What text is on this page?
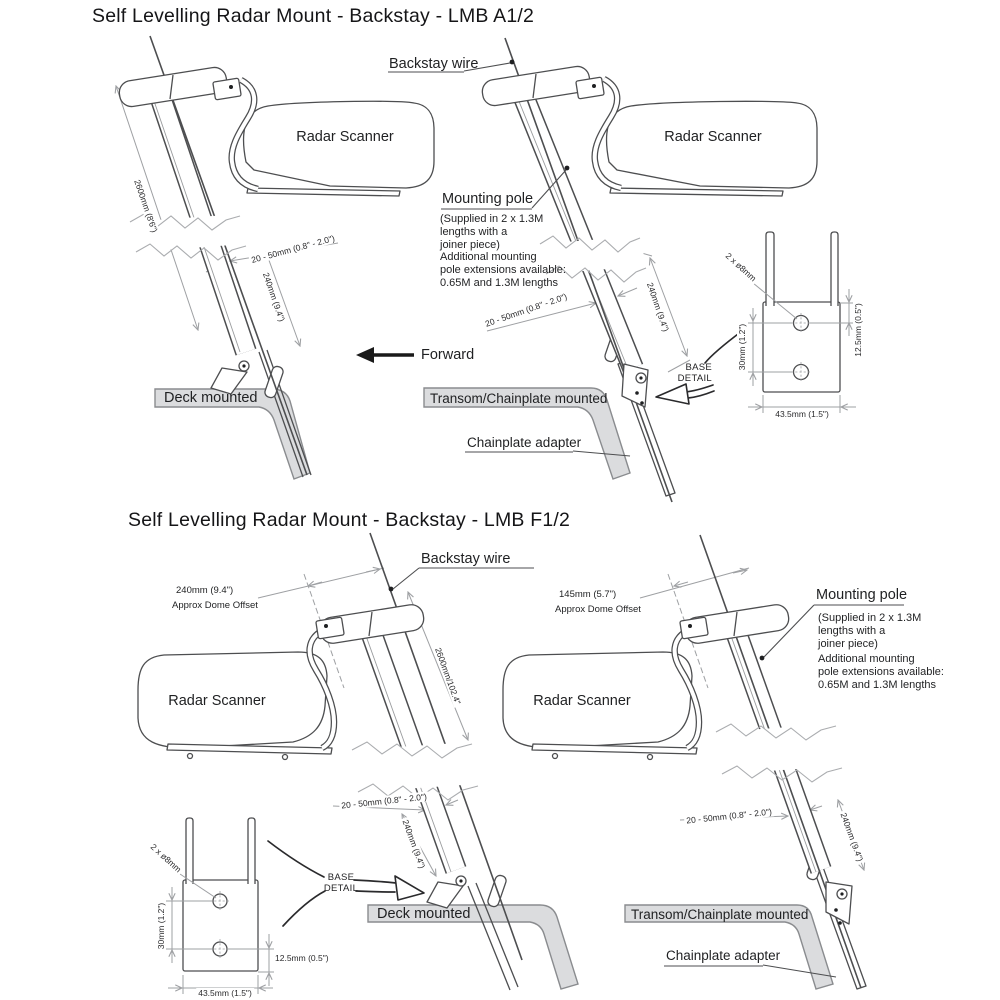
Self Levelling Radar Mount - Backstay - LMB A1/2
Backstay wire
Radar Scanner	Radar Scanner
Mounting pole
(Supplied in 2 x 1.3M
lengths with a
joiner piece)
Additional mounting
pole extensions available:
0.65M and 1.3M lengths
Forward
Deck mounted	Transom/Chainplate mounted
Chainplate adapter
BASE
DETAIL
2600mm (8'6")
20 - 50mm (0.8" - 2.0")
240mm (9.4")	20 - 50mm (0.8" - 2.0")	240mm (9.4")
2 x ø8mm
30mm (1.2")	12.5mm (0.5")
43.5mm (1.5")
Self Levelling Radar Mount - Backstay - LMB F1/2
Backstay wire
240mm (9.4")
Approx Dome Offset
145mm (5.7")
Approx Dome Offset
Radar Scanner	Radar Scanner
Mounting pole
(Supplied in 2 x 1.3M
lengths with a
joiner piece)
Additional mounting
pole extensions available:
0.65M and 1.3M lengths
2600mm/102.4"
20 - 50mm (0.8" - 2.0")
240mm (9.4")
20 - 50mm (0.8" - 2.0")	240mm (9.4")
Deck mounted	Transom/Chainplate mounted
Chainplate adapter
BASE
DETAIL
2 x ø8mm
30mm (1.2")
12.5mm (0.5")
43.5mm (1.5")
